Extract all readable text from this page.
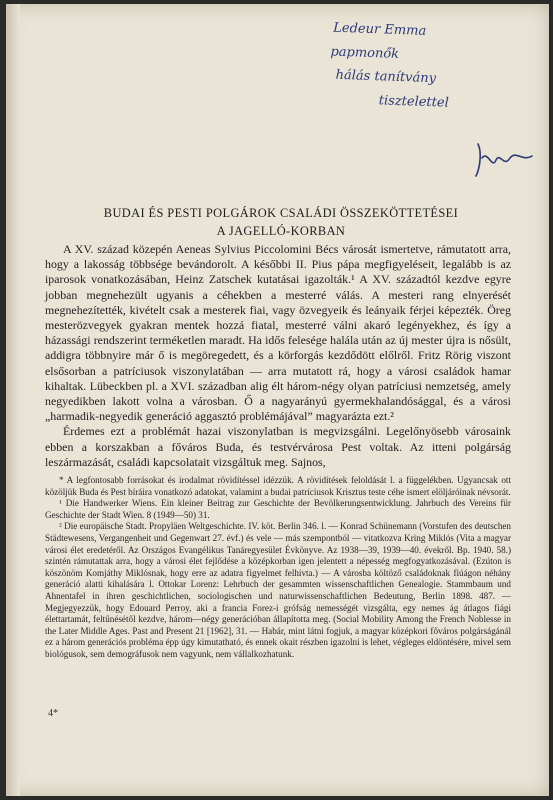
Ledeur Emma
papmonők
hálás tanítvány
tisztelettel
BUDAI ÉS PESTI POLGÁROK CSALÁDI ÖSSZEKÖTTETÉSEI
A JAGELLÓ-KORBAN

A XV. század közepén Aeneas Sylvius Piccolomini Bécs városát ismertetve, rámutatott arra, hogy a lakosság többsége bevándorolt. A későbbi II. Pius pápa megfigyeléseit, legalább is az iparosok vonatkozásában, Heinz Zatschek kutatásai igazolták.¹ A XV. századtól kezdve egyre jobban megnehezült ugyanis a céhekben a mesterré válás. A mesteri rang elnyerését megnehezítették, kivételt csak a mesterek fiai, vagy özvegyeik és leányaik férjei képezték. Öreg mesterözvegyek gyakran mentek hozzá fiatal, mesterré válni akaró legényekhez, és így a házassági rendszerint terméketlen maradt. Ha idős felesége halála után az új mester újra is nősült, addigra többnyire már ő is megöregedett, és a körforgás kezdődött előlről. Fritz Rörig viszont elsősorban a patríciusok viszonylatában — arra mutatott rá, hogy a városi családok hamar kihaltak. Lübeckben pl. a XVI. században alig élt három-négy olyan patríciusi nemzetség, amely negyedikben lakott volna a városban. Ő a nagyarányú gyermekhalandósággal, és a városi „harmadik-negyedik generáció aggasztó problémájával” magyarázta ezt.²

Érdemes ezt a problémát hazai viszonylatban is megvizsgálni. Legelőnyösebb városaink ebben a korszakban a főváros Buda, és testvérvárosa Pest voltak. Az itteni polgárság leszármazását, családi kapcsolatait vizsgáltuk meg. Sajnos,

* A legfontosabb forrásokat és irodalmat rövidítéssel idézzük. A rövidítések feloldását l. a függelékben. Ugyancsak ott közöljük Buda és Pest bíráira vonatkozó adatokat, valamint a budai patríciusok Krisztus teste céhe ismert elöljáróinak névsorát.

¹ Die Handwerker Wiens. Ein kleiner Beitrag zur Geschichte der Bevölkerungsentwicklung. Jahrbuch des Vereins für Geschichte der Stadt Wien. 8 (1949—50) 31.

² Die europäische Stadt. Propyläen Weltgeschichte. IV. köt. Berlin 346. l. — Konrad Schünemann (Vorstufen des deutschen Städtewesens, Vergangenheit und Gegenwart 27. évf.) és vele — más szempontból — vitatkozva Kring Miklós (Vita a magyar városi élet eredetéről. Az Országos Evangélikus Tanáregyesület Évkönyve. Az 1938—39, 1939—40. évekről. Bp. 1940. 58.) szintén rámutattak arra, hogy a városi élet fejlődése a középkorban igen jelentett a népesség megfogyatkozásával. (Ezúton is köszönöm Komjáthy Miklósnak, hogy erre az adatra figyelmet felhívta.) — A városba költöző családoknak fiúágon néhány generáció alatti kihalására l. Ottokar Lorenz: Lehrbuch der gesammten wissenschaftlichen Genealogie. Stammbaum und Ahnentafel in ihren geschichtlichen, sociologischen und naturwissenschaftlichen Bedeutung, Berlin 1898. 487. — Megjegyezzük, hogy Edouard Perroy, aki a francia Forez-i grófság nemességét vizsgálta, egy nemes ág átlagos fiági élettartamát, feltűnésétől kezdve, három—négy generációban állapította meg. (Social Mobility Among the French Noblesse in the Later Middle Ages. Past and Present 21 [1962], 31. — Habár, mint látni fogjuk, a magyar középkori főváros polgárságánál ez a három generációs probléma épp úgy kimutatható, és ennek okait részben igazolni is lehet, végleges eldöntésére, mivel sem biológusok, sem demográfusok nem vagyunk, nem vállalkozhatunk.

4*
